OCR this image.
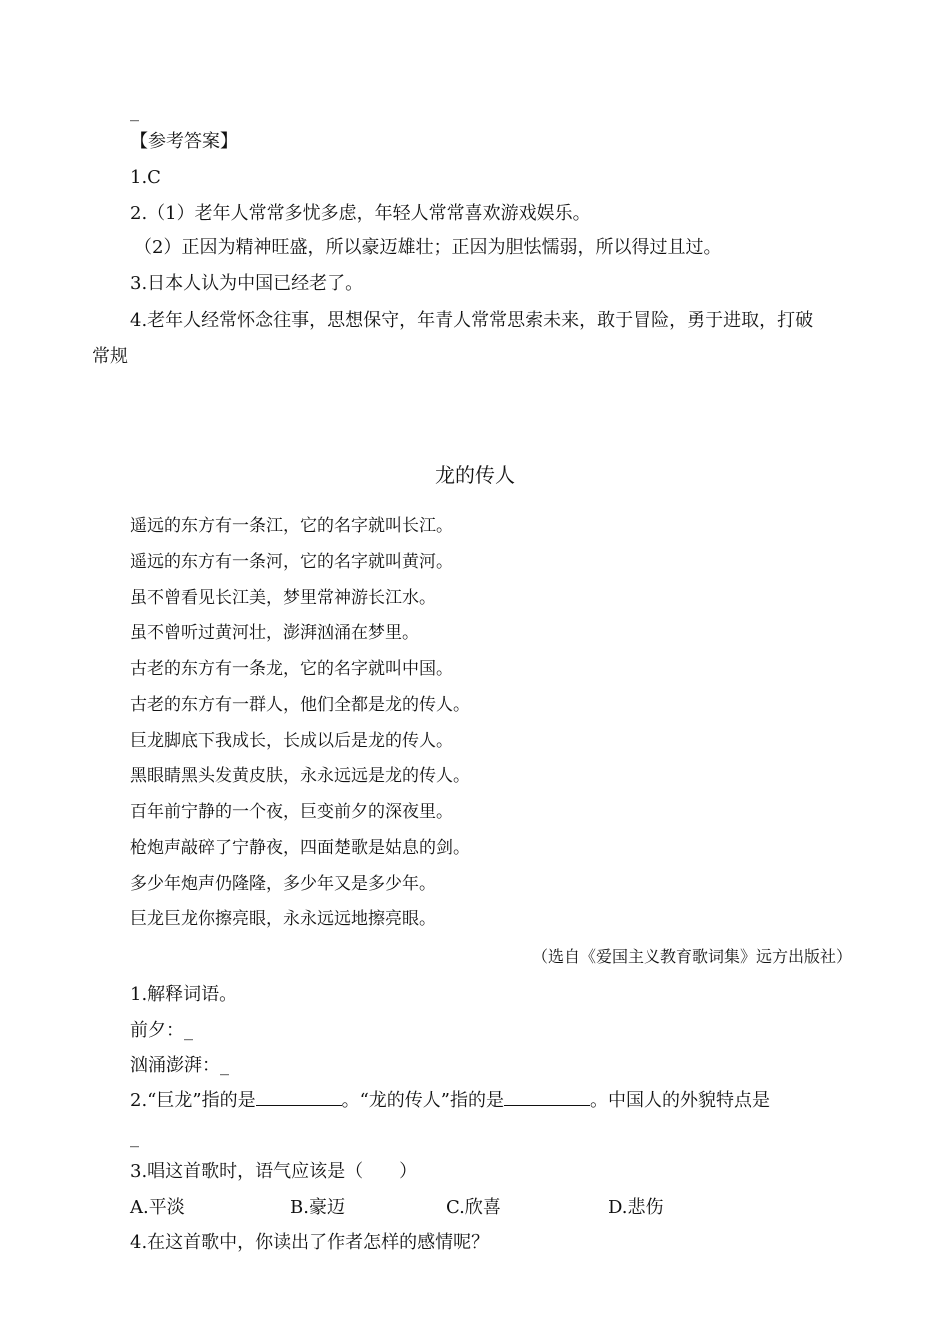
_
【参考答案】
1.C
2.（1）老年人常常多忧多虑，年轻人常常喜欢游戏娱乐。
（2）正因为精神旺盛，所以豪迈雄壮；正因为胆怯懦弱，所以得过且过。
3.日本人认为中国已经老了。
4.老年人经常怀念往事，思想保守，年青人常常思索未来，敢于冒险，勇于进取，打破
常规
龙的传人
遥远的东方有一条江，它的名字就叫长江。
遥远的东方有一条河，它的名字就叫黄河。
虽不曾看见长江美，梦里常神游长江水。
虽不曾听过黄河壮，澎湃汹涌在梦里。
古老的东方有一条龙，它的名字就叫中国。
古老的东方有一群人，他们全都是龙的传人。
巨龙脚底下我成长，长成以后是龙的传人。
黑眼睛黑头发黄皮肤，永永远远是龙的传人。
百年前宁静的一个夜，巨变前夕的深夜里。
枪炮声敲碎了宁静夜，四面楚歌是姑息的剑。
多少年炮声仍隆隆，多少年又是多少年。
巨龙巨龙你擦亮眼，永永远远地擦亮眼。
（选自《爱国主义教育歌词集》远方出版社）
1.解释词语。
前夕：_
汹涌澎湃：_
2.“巨龙”指的是	。“龙的传人”指的是	。中国人的外貌特点是
_
3.唱这首歌时，语气应该是（　　）
A.平淡	B.豪迈	C.欣喜	D.悲伤
4.在这首歌中，你读出了作者怎样的感情呢？
